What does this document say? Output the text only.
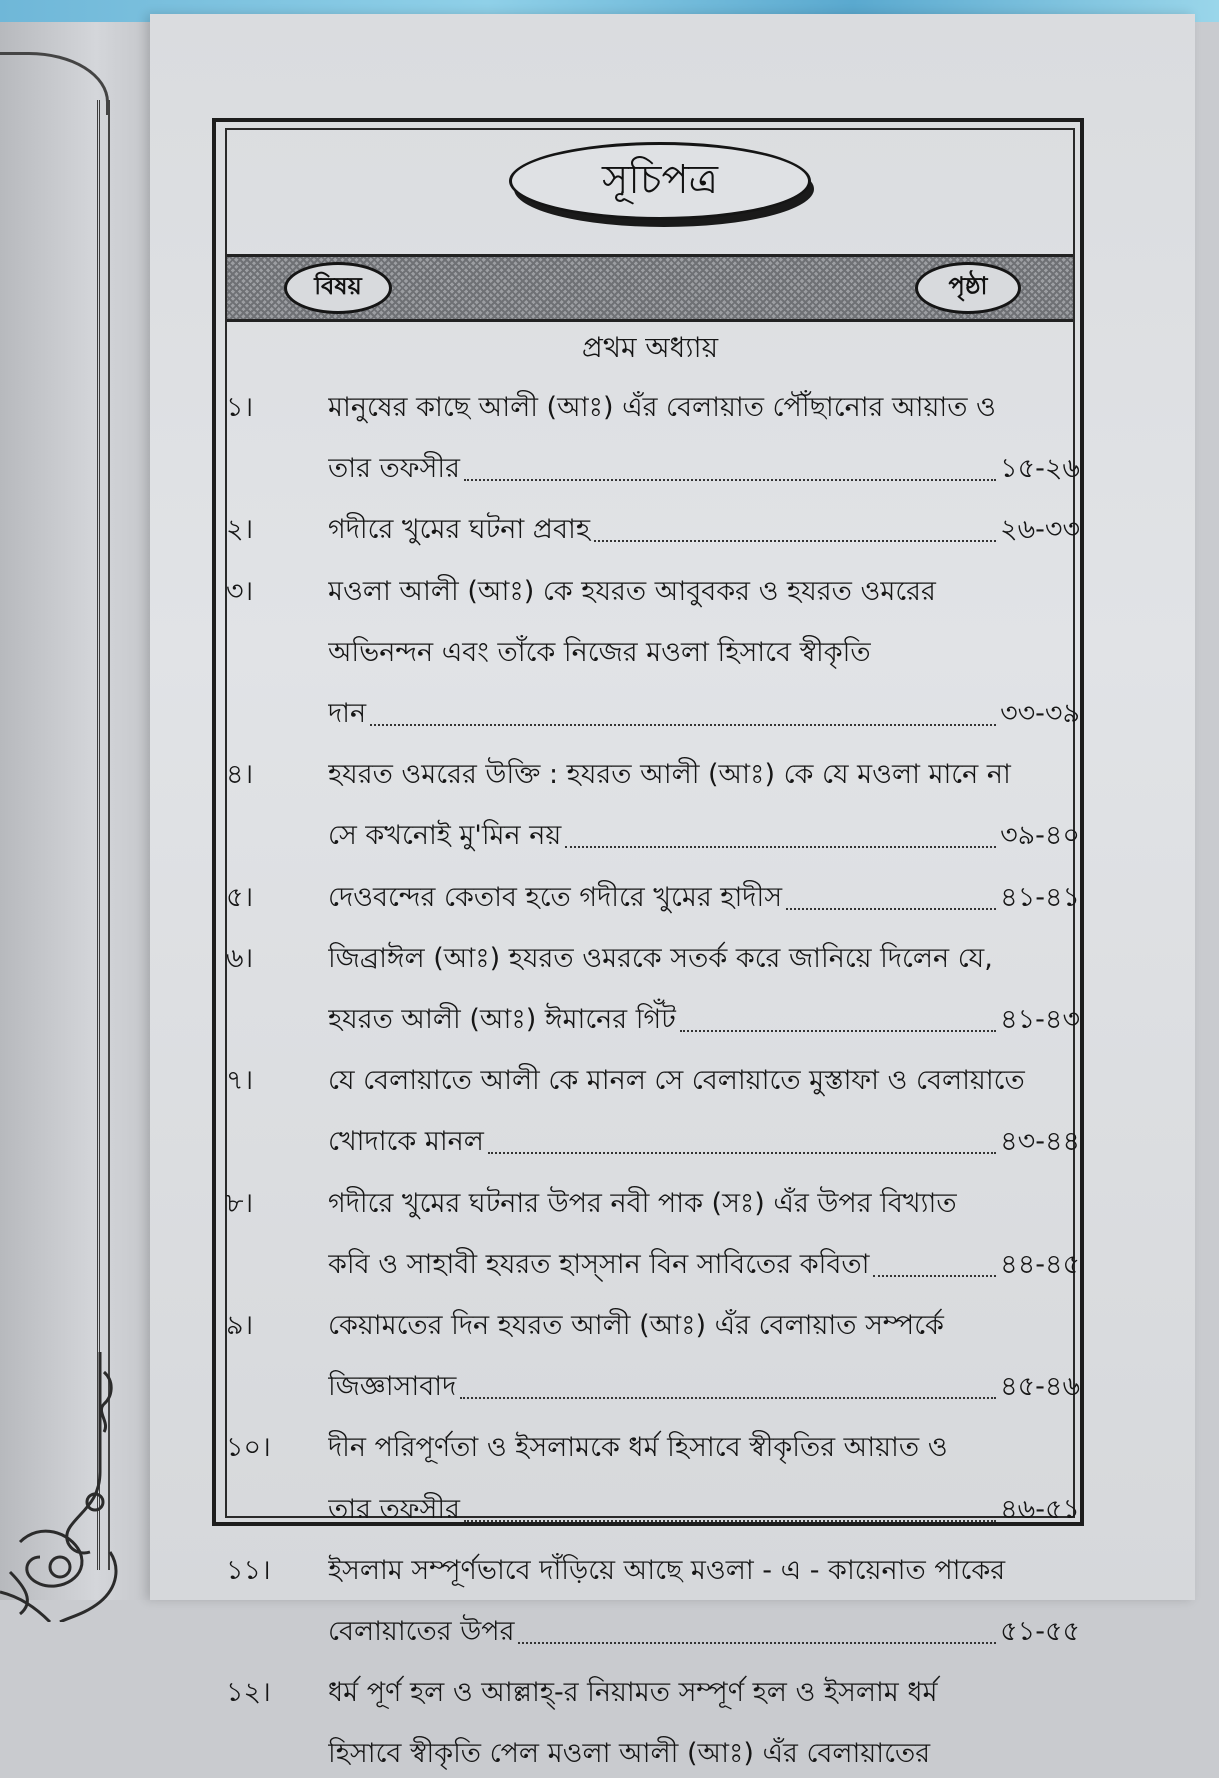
সূচিপত্র
বিষয়	পৃষ্ঠা
প্রথম অধ্যায়
১।	মানুষের কাছে আলী (আঃ) এঁর বেলায়াত পৌঁছানোর আয়াত ও
তার তফসীর	১৫-২৬
২।	গদীরে খুমের ঘটনা প্রবাহ	২৬-৩৩
৩।	মওলা আলী (আঃ) কে হযরত আবুবকর ও হযরত ওমরের
অভিনন্দন এবং তাঁকে নিজের মওলা হিসাবে স্বীকৃতি
দান	৩৩-৩৯
৪।	হযরত ওমরের উক্তি : হযরত আলী (আঃ) কে যে মওলা মানে না
সে কখনোই মু'মিন নয়	৩৯-৪০
৫।	দেওবন্দের কেতাব হতে গদীরে খুমের হাদীস	৪১-৪১
৬।	জিব্রাঈল (আঃ) হযরত ওমরকে সতর্ক করে জানিয়ে দিলেন যে,
হযরত আলী (আঃ) ঈমানের গিঁট	৪১-৪৩
৭।	যে বেলায়াতে আলী কে মানল সে বেলায়াতে মুস্তাফা ও বেলায়াতে
খোদাকে মানল	৪৩-৪৪
৮।	গদীরে খুমের ঘটনার উপর নবী পাক (সঃ) এঁর উপর বিখ্যাত
কবি ও সাহাবী হযরত হাস্‌সান বিন সাবিতের কবিতা	৪৪-৪৫
৯।	কেয়ামতের দিন হযরত আলী (আঃ) এঁর বেলায়াত সম্পর্কে
জিজ্ঞাসাবাদ	৪৫-৪৬
১০। দীন পরিপূর্ণতা ও ইসলামকে ধর্ম হিসাবে স্বীকৃতির আয়াত ও
তার তফসীর	৪৬-৫১
১১। ইসলাম সম্পূর্ণভাবে দাঁড়িয়ে আছে মওলা - এ - কায়েনাত পাকের
বেলায়াতের উপর	৫১-৫৫
১২। ধর্ম পূর্ণ হল ও আল্লাহ্‌-র নিয়ামত সম্পূর্ণ হল ও ইসলাম ধর্ম
হিসাবে স্বীকৃতি পেল মওলা আলী (আঃ) এঁর বেলায়াতের
